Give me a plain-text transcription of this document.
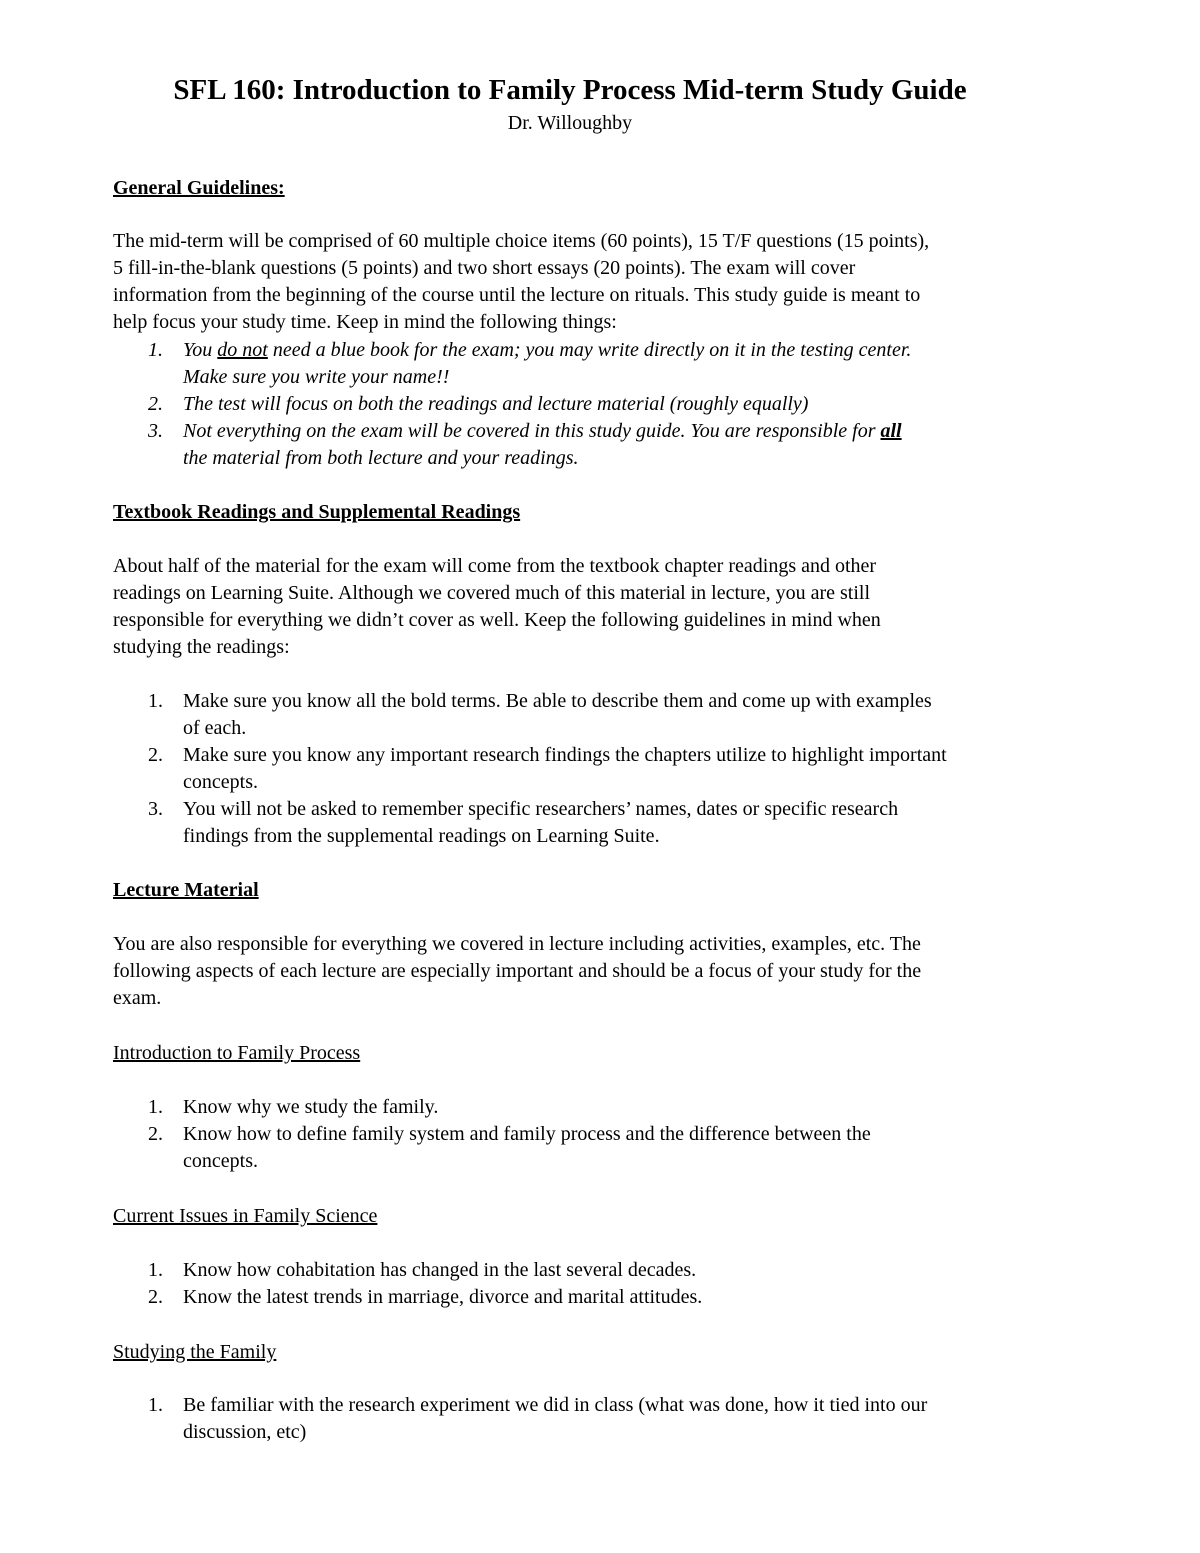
SFL 160: Introduction to Family Process Mid-term Study Guide
Dr. Willoughby
General Guidelines:
The mid-term will be comprised of 60 multiple choice items (60 points), 15 T/F questions (15 points),
5 fill-in-the-blank questions (5 points) and two short essays (20 points). The exam will cover
information from the beginning of the course until the lecture on rituals. This study guide is meant to
help focus your study time. Keep in mind the following things:
1.	You do not need a blue book for the exam; you may write directly on it in the testing center.
Make sure you write your name!!
2.	The test will focus on both the readings and lecture material (roughly equally)
3.	Not everything on the exam will be covered in this study guide. You are responsible for all
the material from both lecture and your readings.
Textbook Readings and Supplemental Readings
About half of the material for the exam will come from the textbook chapter readings and other
readings on Learning Suite. Although we covered much of this material in lecture, you are still
responsible for everything we didn’t cover as well. Keep the following guidelines in mind when
studying the readings:
1.	Make sure you know all the bold terms. Be able to describe them and come up with examples
of each.
2.	Make sure you know any important research findings the chapters utilize to highlight important
concepts.
3.	You will not be asked to remember specific researchers’ names, dates or specific research
findings from the supplemental readings on Learning Suite.
Lecture Material
You are also responsible for everything we covered in lecture including activities, examples, etc. The
following aspects of each lecture are especially important and should be a focus of your study for the
exam.
Introduction to Family Process
1.	Know why we study the family.
2.	Know how to define family system and family process and the difference between the
concepts.
Current Issues in Family Science
1.	Know how cohabitation has changed in the last several decades.
2.	Know the latest trends in marriage, divorce and marital attitudes.
Studying the Family
1.	Be familiar with the research experiment we did in class (what was done, how it tied into our
discussion, etc)
